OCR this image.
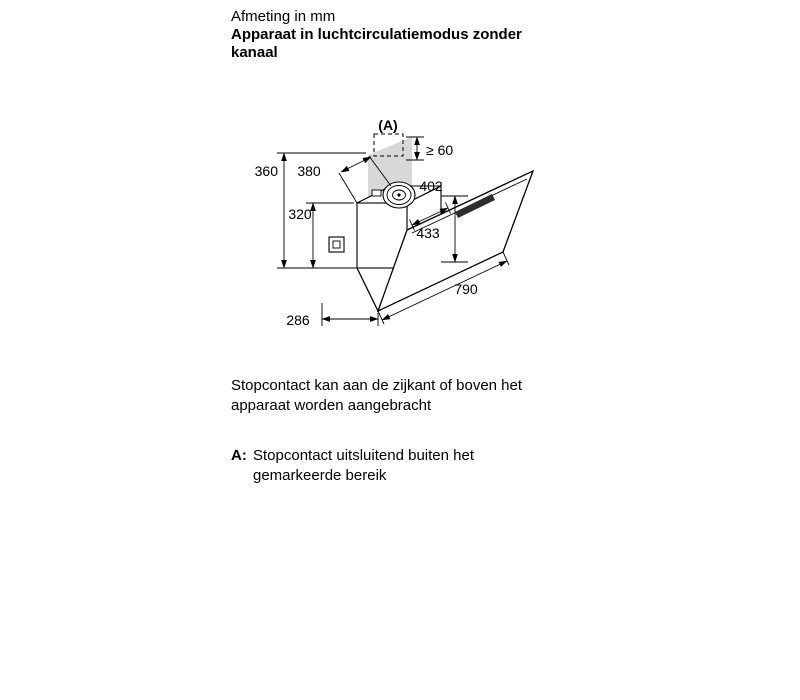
Afmeting in mm
Apparaat in luchtcirculatiemodus zonder
kanaal
(A)
≥ 60
360 380
320
433
402
790
286
Stopcontact kan aan de zijkant of boven het
apparaat worden aangebracht
A: Stopcontact uitsluitend buiten het
gemarkeerde bereik
